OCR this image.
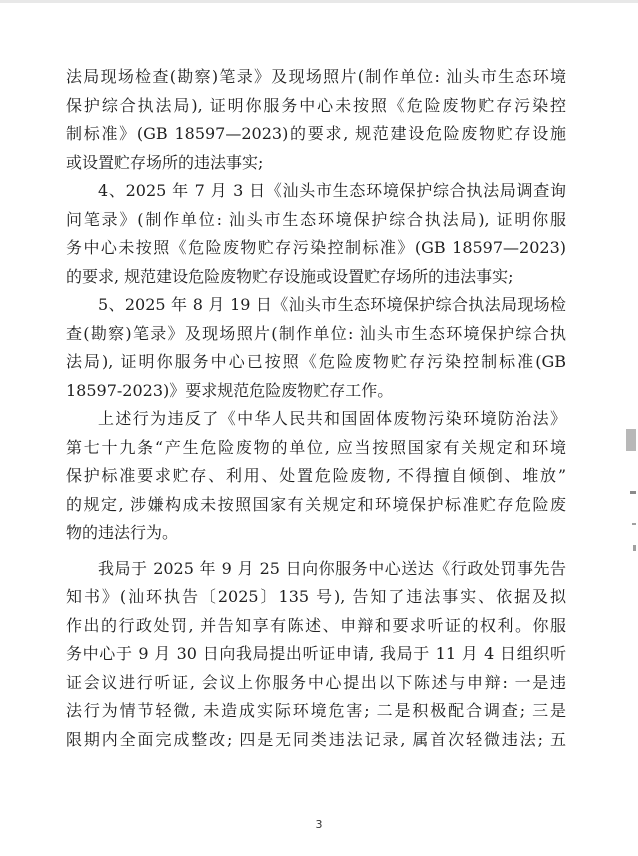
法局现场检查(勘察)笔录》及现场照片(制作单位: 汕头市生态环境
保护综合执法局), 证明你服务中心未按照《危险废物贮存污染控
制标准》(GB 18597—2023)的要求, 规范建设危险废物贮存设施
或设置贮存场所的违法事实;
4、2025 年 7 月 3 日《汕头市生态环境保护综合执法局调查询
问笔录》(制作单位: 汕头市生态环境保护综合执法局), 证明你服
务中心未按照《危险废物贮存污染控制标准》(GB 18597—2023)
的要求, 规范建设危险废物贮存设施或设置贮存场所的违法事实;
5、2025 年 8 月 19 日《汕头市生态环境保护综合执法局现场检
查(勘察)笔录》及现场照片(制作单位: 汕头市生态环境保护综合执
法局), 证明你服务中心已按照《危险废物贮存污染控制标准(GB
18597-2023)》要求规范危险废物贮存工作。
上述行为违反了《中华人民共和国固体废物污染环境防治法》
第七十九条“产生危险废物的单位, 应当按照国家有关规定和环境
保护标准要求贮存、利用、处置危险废物, 不得擅自倾倒、堆放”
的规定, 涉嫌构成未按照国家有关规定和环境保护标准贮存危险废
物的违法行为。
我局于 2025 年 9 月 25 日向你服务中心送达《行政处罚事先告
知书》(汕环执告〔2025〕135 号), 告知了违法事实、依据及拟
作出的行政处罚, 并告知享有陈述、申辩和要求听证的权利。你服
务中心于 9 月 30 日向我局提出听证申请, 我局于 11 月 4 日组织听
证会议进行听证, 会议上你服务中心提出以下陈述与申辩: 一是违
法行为情节轻微, 未造成实际环境危害; 二是积极配合调查; 三是
限期内全面完成整改; 四是无同类违法记录, 属首次轻微违法; 五
3
